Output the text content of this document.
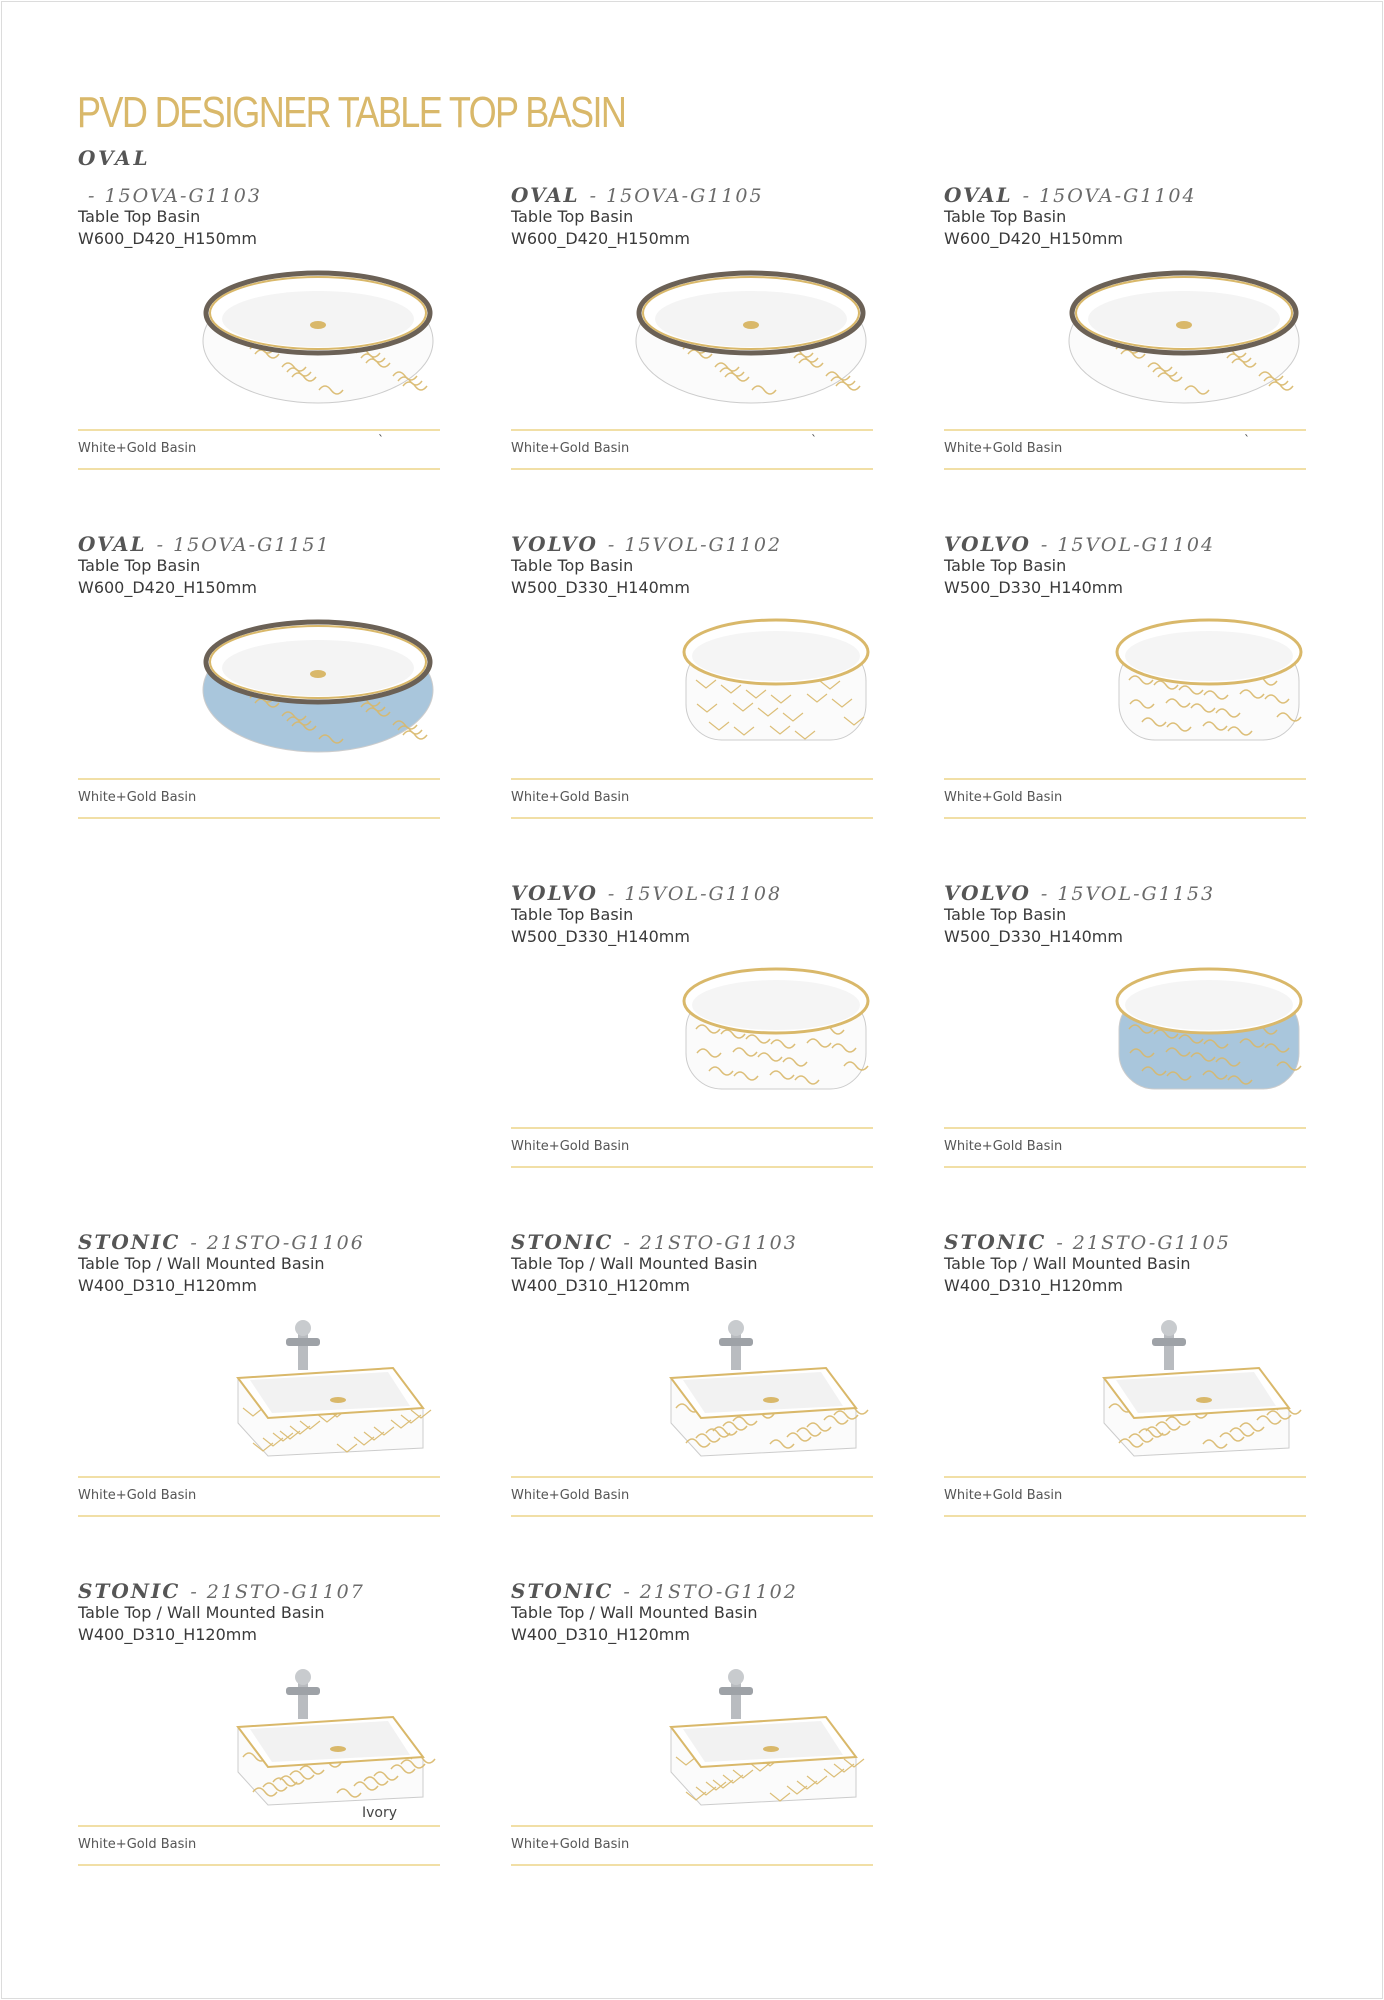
PVD DESIGNER TABLE TOP BASIN
OVAL
- 15OVA-G1103
Table Top Basin
W600_D420_H150mm
White+Gold Basin
`
OVAL - 15OVA-G1105
Table Top Basin
W600_D420_H150mm
White+Gold Basin
`
OVAL - 15OVA-G1104
Table Top Basin
W600_D420_H150mm
White+Gold Basin
`
OVAL - 15OVA-G1151
Table Top Basin
W600_D420_H150mm
White+Gold Basin
VOLVO - 15VOL-G1102
Table Top Basin
W500_D330_H140mm
White+Gold Basin
VOLVO - 15VOL-G1104
Table Top Basin
W500_D330_H140mm
White+Gold Basin
VOLVO - 15VOL-G1108
Table Top Basin
W500_D330_H140mm
White+Gold Basin
VOLVO - 15VOL-G1153
Table Top Basin
W500_D330_H140mm
White+Gold Basin
STONIC - 21STO-G1106
Table Top / Wall Mounted Basin
W400_D310_H120mm
White+Gold Basin
STONIC - 21STO-G1103
Table Top / Wall Mounted Basin
W400_D310_H120mm
White+Gold Basin
STONIC - 21STO-G1105
Table Top / Wall Mounted Basin
W400_D310_H120mm
White+Gold Basin
STONIC - 21STO-G1107
Table Top / Wall Mounted Basin
W400_D310_H120mm
Ivory
White+Gold Basin
STONIC - 21STO-G1102
Table Top / Wall Mounted Basin
W400_D310_H120mm
White+Gold Basin
